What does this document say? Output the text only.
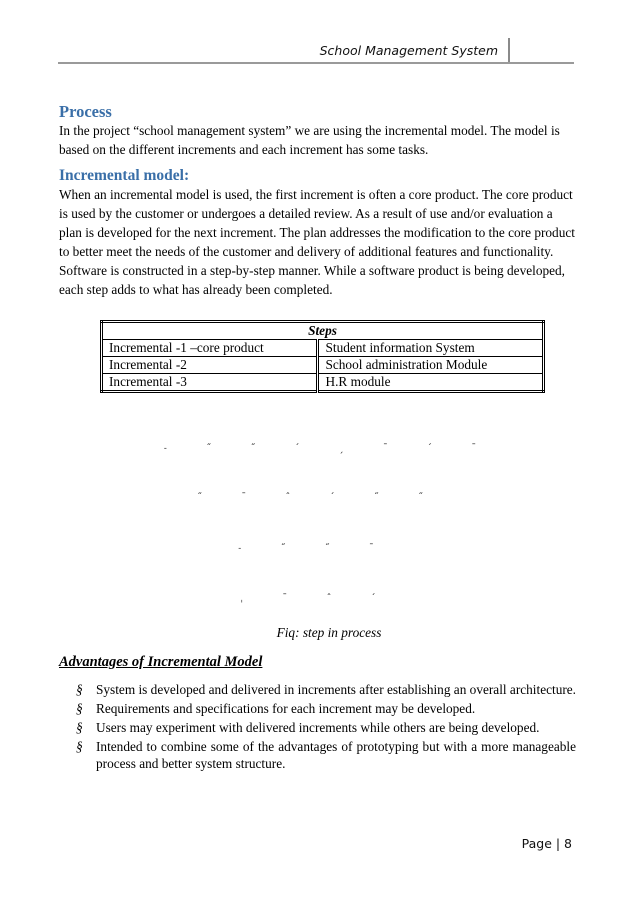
School Management System
Process
In the project “school management system” we are using the incremental model. The model is based on the different increments and each increment has some tasks.
Incremental model:
When an incremental model is used, the first increment is often a core product. The core product is used by the customer or undergoes a detailed review. As a result of use and/or evaluation a plan is developed for the next increment. The plan addresses the modification to the core product to better meet the needs of the customer and delivery of additional features and functionality. Software is constructed in a step-by-step manner. While a software product is being developed, each step adds to what has already been completed.
Steps	
Incremental -1 –core product	Student information System
Incremental -2	School administration Module
Incremental -3	H.R module
˗ ˝ ˝ ˊ ˏ ˉ ˊ ˉ
˝ ˉ ˆ ˊ ˝ ˝
˗ ˝ ˝ ˉ
ˌ ˉ ˆ ˊ
Fiq: step in process
Advantages of Incremental Model
§ System is developed and delivered in increments after establishing an overall architecture.
§ Requirements and specifications for each increment may be developed.
§ Users may experiment with delivered increments while others are being developed.
§ Intended to combine some of the advantages of prototyping but with a more manageable process and better system structure.
Page | 8
